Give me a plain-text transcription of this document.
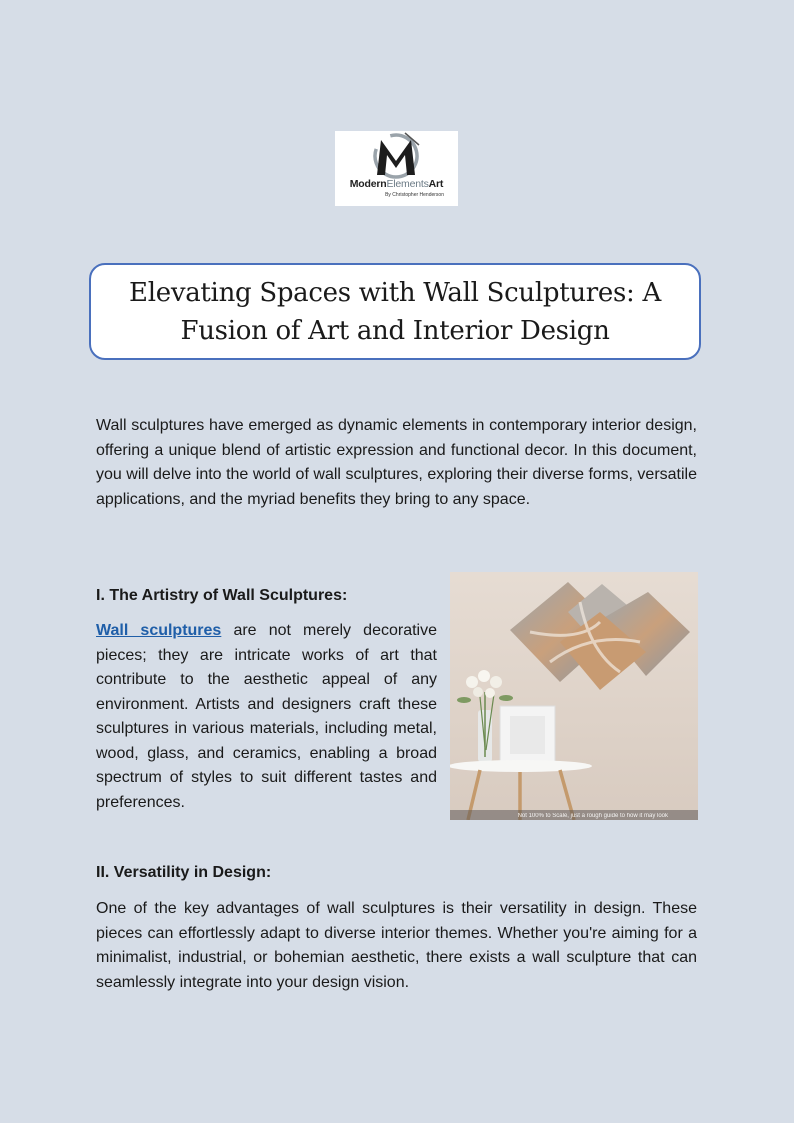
ModernElementsArt
By Christopher Henderson
Elevating Spaces with Wall Sculptures: A
Fusion of Art and Interior Design

Wall sculptures have emerged as dynamic elements in contemporary interior design, offering a unique blend of artistic expression and functional decor. In this document, you will delve into the world of wall sculptures, exploring their diverse forms, versatile applications, and the myriad benefits they bring to any space.

I. The Artistry of Wall Sculptures:

Wall sculptures are not merely decorative pieces; they are intricate works of art that contribute to the aesthetic appeal of any environment. Artists and designers craft these sculptures in various materials, including metal, wood, glass, and ceramics, enabling a broad spectrum of styles to suit different tastes and preferences.

Not 100% to Scale, just a rough guide to how it may look

II. Versatility in Design:

One of the key advantages of wall sculptures is their versatility in design. These pieces can effortlessly adapt to diverse interior themes. Whether you're aiming for a minimalist, industrial, or bohemian aesthetic, there exists a wall sculpture that can seamlessly integrate into your design vision.
